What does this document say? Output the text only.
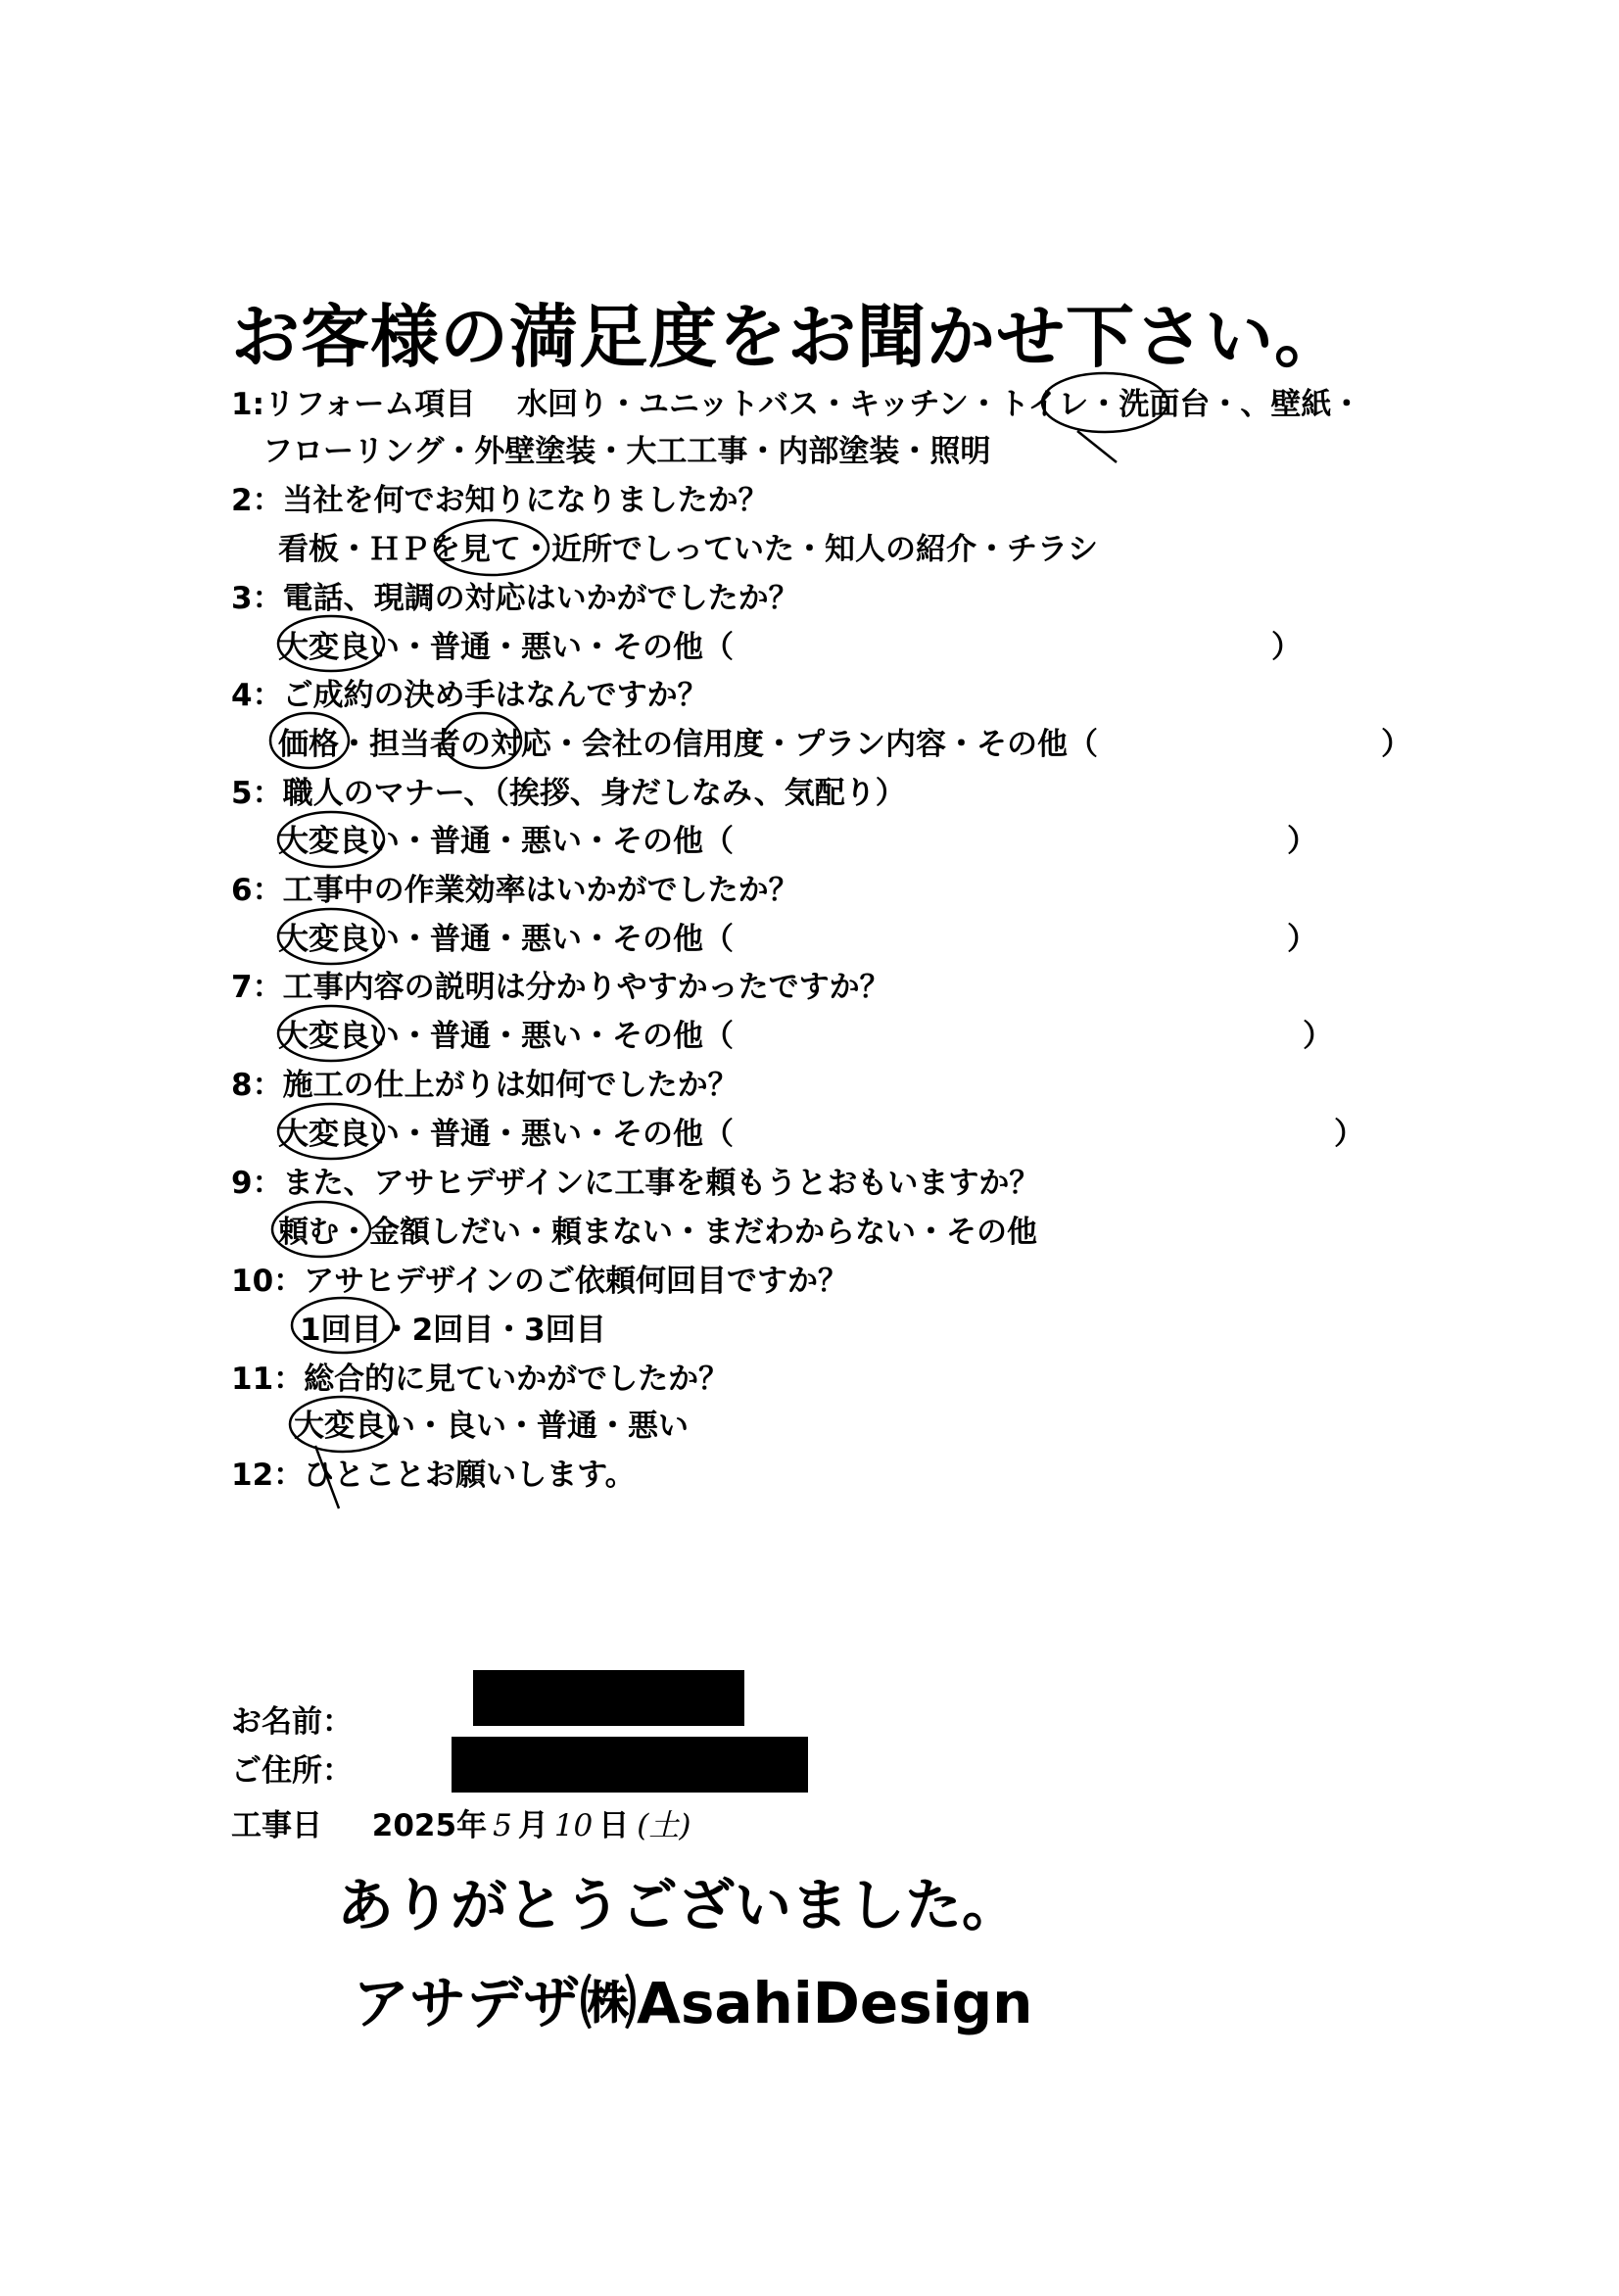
お客様の満足度をお聞かせ下さい。
1:リフォーム項目 水回り・ユニットバス・キッチン・トイレ・洗面台・、壁紙・
フローリング・外壁塗装・大工工事・内部塗装・照明
2：当社を何でお知りになりましたか？
看板・ＨＰを見て・近所でしっていた・知人の紹介・チラシ
3：電話、現調の対応はいかがでしたか？
大変良い・普通・悪い・その他（	）
4：ご成約の決め手はなんですか？
価格・担当者の対応・会社の信用度・プラン内容・その他（	）
5：職人のマナー、（挨拶、身だしなみ、気配り）
大変良い・普通・悪い・その他（	）
6：工事中の作業効率はいかがでしたか？
大変良い・普通・悪い・その他（	）
7：工事内容の説明は分かりやすかったですか？
大変良い・普通・悪い・その他（	）
8：施工の仕上がりは如何でしたか？
大変良い・普通・悪い・その他（	）
9：また、アサヒデザインに工事を頼もうとおもいますか？
頼む・金額しだい・頼まない・まだわからない・その他
10：アサヒデザインのご依頼何回目ですか？
1回目・2回目・3回目
11：総合的に見ていかがでしたか？
大変良い・良い・普通・悪い
12：ひとことお願いします。
お名前：
ご住所：
工事日 2025年 5 月 10 日 (土)
ありがとうございました。
アサデザ㈱AsahiDesign
